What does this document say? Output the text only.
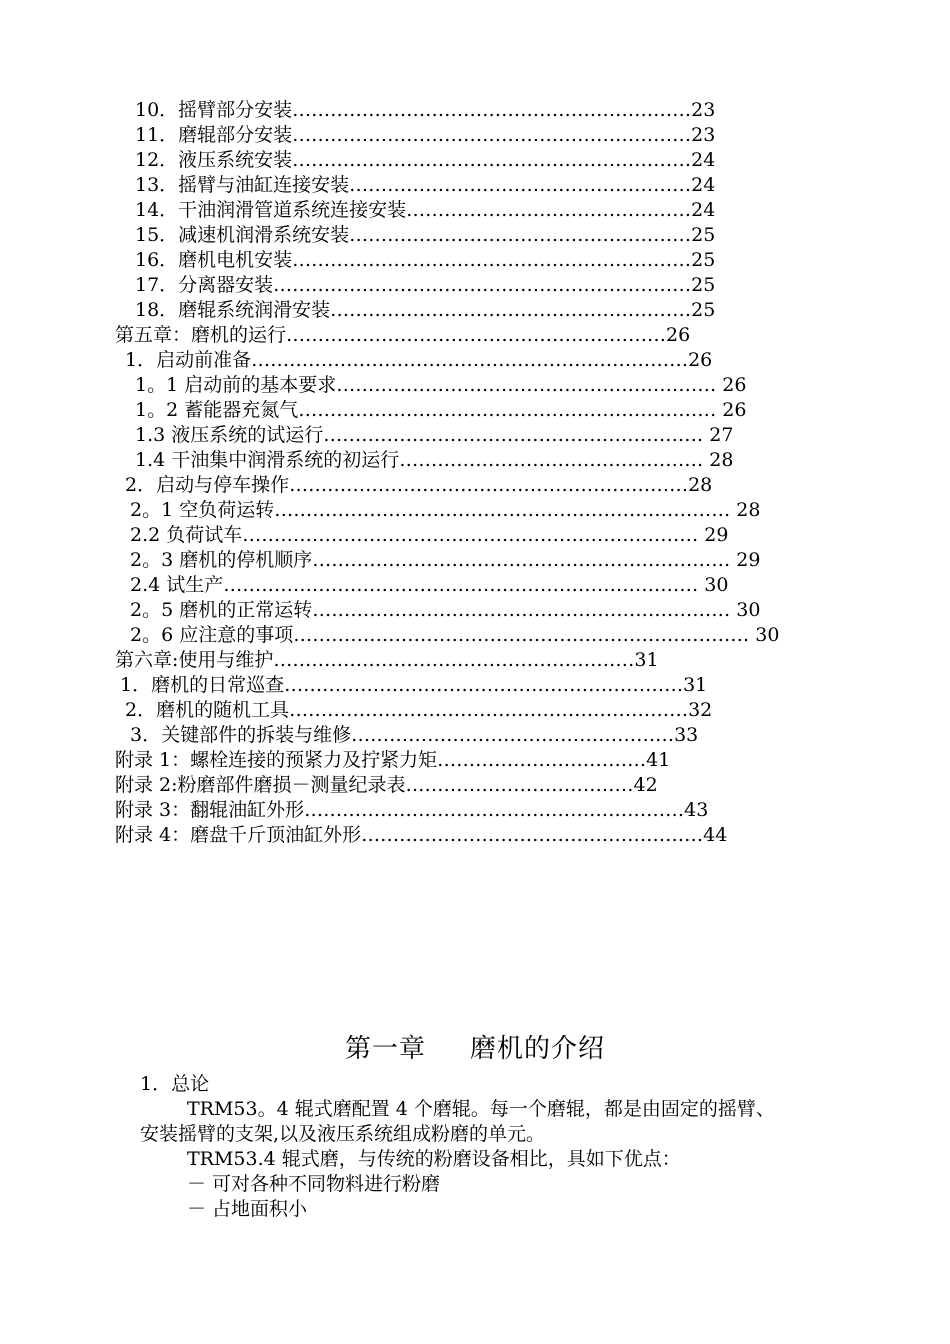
10．摇臂部分安装………………………………………………………23
11．磨辊部分安装………………………………………………………23
12．液压系统安装………………………………………………………24
13．摇臂与油缸连接安装………………………………………………24
14．干油润滑管道系统连接安装………………………………………24
15．减速机润滑系统安装………………………………………………25
16．磨机电机安装………………………………………………………25
17．分离器安装…………………………………………………………25
18．磨辊系统润滑安装…………………………………………………25
第五章：磨机的运行……………………………………………………26
1．启动前准备……………………………………………………………26
1。1 启动前的基本要求…………………………………………………… 26
1。2 蓄能器充氮气………………………………………………………… 26
1.3 液压系统的试运行…………………………………………………… 27
1.4 干油集中润滑系统的初运行………………………………………… 28
2．启动与停车操作………………………………………………………28
2。1 空负荷运转……………………………………………………………… 28
2.2 负荷试车……………………………………………………………… 29
2。3 磨机的停机顺序………………………………………………………… 29
2.4 试生产………………………………………………………………… 30
2。5 磨机的正常运转………………………………………………………… 30
2。6 应注意的事项……………………………………………………………… 30
第六章:使用与维护…………………………………………………31
1．磨机的日常巡查………………………………………………………31
2．磨机的随机工具………………………………………………………32
3．关键部件的拆装与维修……………………………………………33
附录 1：螺栓连接的预紧力及拧紧力矩……………………………41
附录 2:粉磨部件磨损－测量纪录表………………………………42
附录 3：翻辊油缸外形……………………………………………………43
附录 4：磨盘千斤顶油缸外形………………………………………………44
第一章 磨机的介绍
1．总论
TRM53。4 辊式磨配置 4 个磨辊。每一个磨辊，都是由固定的摇臂、
安装摇臂的支架,以及液压系统组成粉磨的单元。
TRM53.4 辊式磨，与传统的粉磨设备相比，具如下优点：
－ 可对各种不同物料进行粉磨
－ 占地面积小
